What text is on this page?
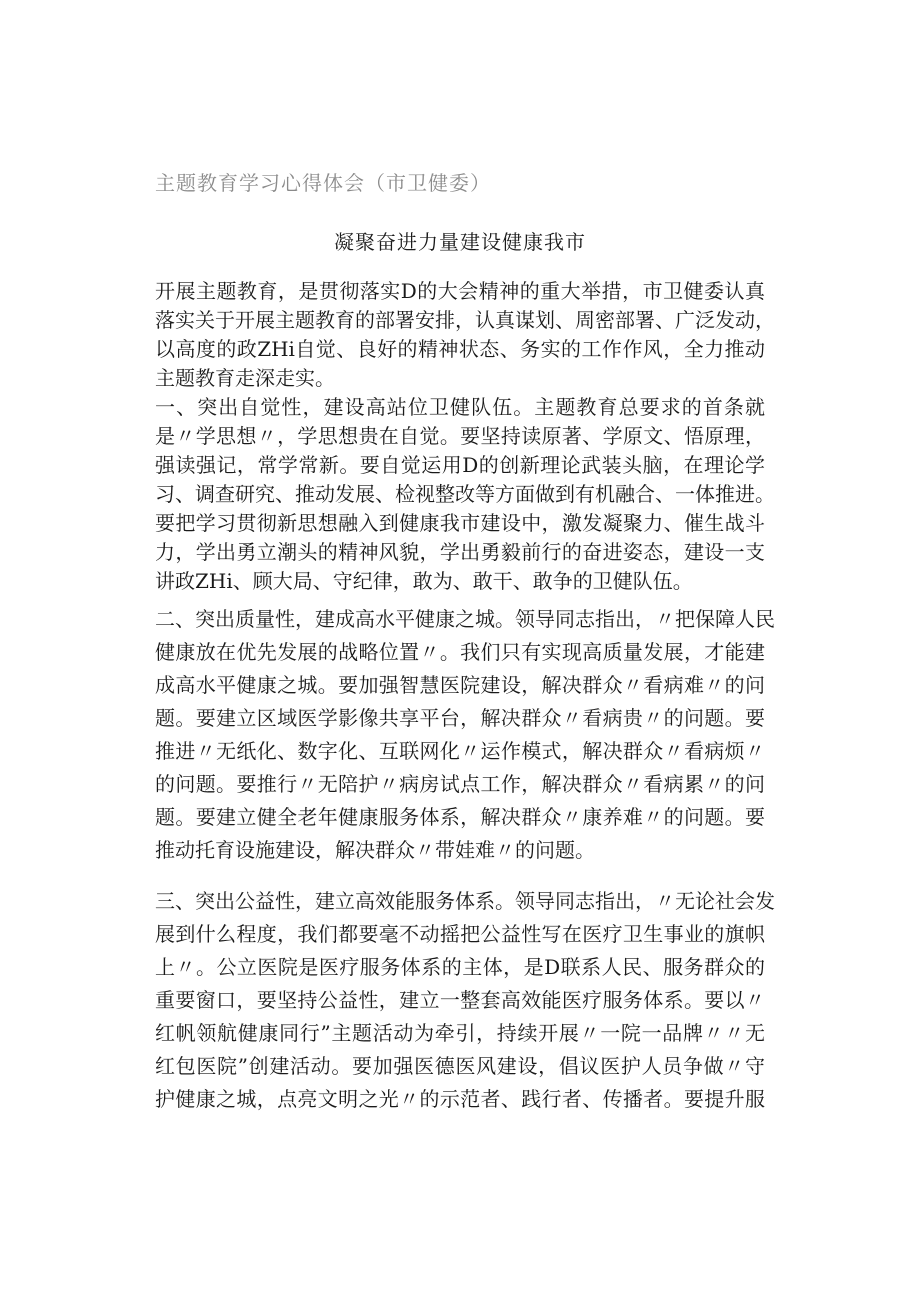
主题教育学习心得体会（市卫健委）
凝聚奋进力量建设健康我市
开展主题教育，是贯彻落实D的大会精神的重大举措，市卫健委认真
落实关于开展主题教育的部署安排，认真谋划、周密部署、广泛发动，
以高度的政ZHi自觉、良好的精神状态、务实的工作作风，全力推动
主题教育走深走实。
一、突出自觉性，建设高站位卫健队伍。主题教育总要求的首条就
是〃学思想〃，学思想贵在自觉。要坚持读原著、学原文、悟原理，
强读强记，常学常新。要自觉运用D的创新理论武装头脑，在理论学
习、调查研究、推动发展、检视整改等方面做到有机融合、一体推进。
要把学习贯彻新思想融入到健康我市建设中，激发凝聚力、催生战斗
力，学出勇立潮头的精神风貌，学出勇毅前行的奋进姿态，建设一支
讲政ZHi、顾大局、守纪律，敢为、敢干、敢争的卫健队伍。
二、突出质量性，建成高水平健康之城。领导同志指出，〃把保障人民
健康放在优先发展的战略位置〃。我们只有实现高质量发展，才能建
成高水平健康之城。要加强智慧医院建设，解决群众〃看病难〃的问
题。要建立区域医学影像共享平台，解决群众〃看病贵〃的问题。要
推进〃无纸化、数字化、互联网化〃运作模式，解决群众〃看病烦〃
的问题。要推行〃无陪护〃病房试点工作，解决群众〃看病累〃的问
题。要建立健全老年健康服务体系，解决群众〃康养难〃的问题。要
推动托育设施建设，解决群众〃带娃难〃的问题。
三、突出公益性，建立高效能服务体系。领导同志指出，〃无论社会发
展到什么程度，我们都要毫不动摇把公益性写在医疗卫生事业的旗帜
上〃。公立医院是医疗服务体系的主体，是D联系人民、服务群众的
重要窗口，要坚持公益性，建立一整套高效能医疗服务体系。要以〃
红帆领航健康同行”主题活动为牵引，持续开展〃一院一品牌〃〃无
红包医院”创建活动。要加强医德医风建设，倡议医护人员争做〃守
护健康之城，点亮文明之光〃的示范者、践行者、传播者。要提升服
